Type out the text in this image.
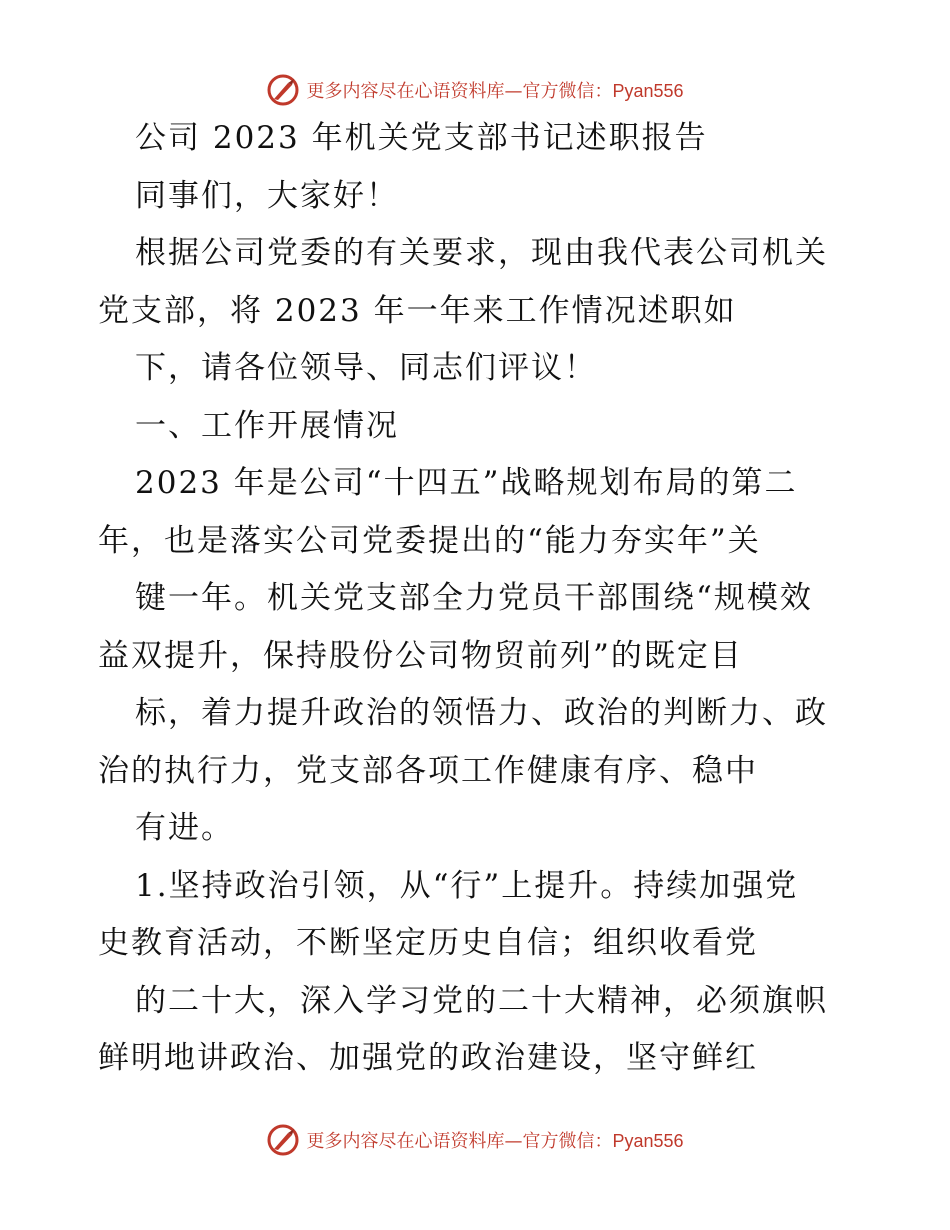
更多内容尽在心语资料库—官方微信：Pyan556
公司 2023 年机关党支部书记述职报告
同事们，大家好！
根据公司党委的有关要求，现由我代表公司机关
党支部，将 2023 年一年来工作情况述职如
下，请各位领导、同志们评议！
一、工作开展情况
2023 年是公司“十四五”战略规划布局的第二
年，也是落实公司党委提出的“能力夯实年”关
键一年。机关党支部全力党员干部围绕“规模效
益双提升，保持股份公司物贸前列”的既定目
标，着力提升政治的领悟力、政治的判断力、政
治的执行力，党支部各项工作健康有序、稳中
有进。
1.坚持政治引领，从“行”上提升。持续加强党
史教育活动，不断坚定历史自信；组织收看党
的二十大，深入学习党的二十大精神，必须旗帜
鲜明地讲政治、加强党的政治建设，坚守鲜红
更多内容尽在心语资料库—官方微信：Pyan556
